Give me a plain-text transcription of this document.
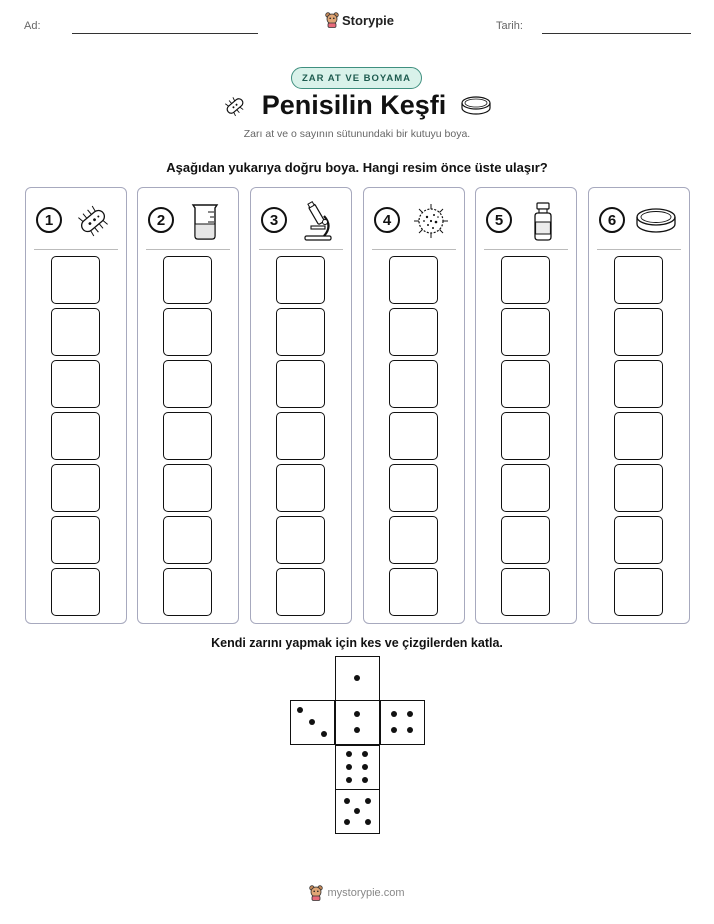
Ad:	Storypie	Tarih:
ZAR AT VE BOYAMA
Penisilin Keşfi
Zarı at ve o sayının sütunundaki bir kutuyu boya.
Aşağıdan yukarıya doğru boya. Hangi resim önce üste ulaşır?
1	2	3	4	5	6
Kendi zarını yapmak için kes ve çizgilerden katla.
mystorypie.com
